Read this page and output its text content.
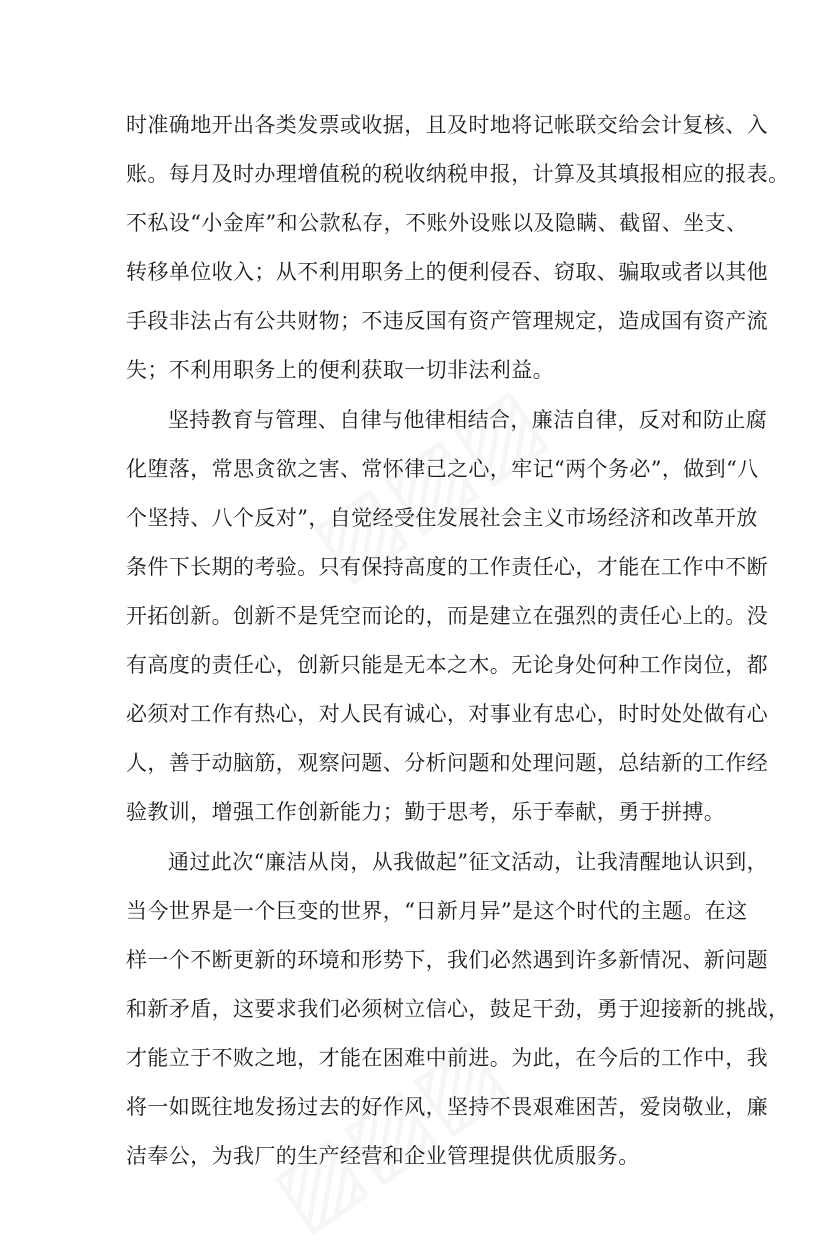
时准确地开出各类发票或收据，且及时地将记帐联交给会计复核、入
账。每月及时办理增值税的税收纳税申报，计算及其填报相应的报表。
不私设“小金库”和公款私存，不账外设账以及隐瞒、截留、坐支、
转移单位收入；从不利用职务上的便利侵吞、窃取、骗取或者以其他
手段非法占有公共财物；不违反国有资产管理规定，造成国有资产流
失；不利用职务上的便利获取一切非法利益。
坚持教育与管理、自律与他律相结合，廉洁自律，反对和防止腐
化堕落，常思贪欲之害、常怀律己之心，牢记“两个务必”，做到“八
个坚持、八个反对”，自觉经受住发展社会主义市场经济和改革开放
条件下长期的考验。只有保持高度的工作责任心，才能在工作中不断
开拓创新。创新不是凭空而论的，而是建立在强烈的责任心上的。没
有高度的责任心，创新只能是无本之木。无论身处何种工作岗位，都
必须对工作有热心，对人民有诚心，对事业有忠心，时时处处做有心
人，善于动脑筋，观察问题、分析问题和处理问题，总结新的工作经
验教训，增强工作创新能力；勤于思考，乐于奉献，勇于拼搏。
通过此次“廉洁从岗，从我做起”征文活动，让我清醒地认识到，
当今世界是一个巨变的世界，“日新月异”是这个时代的主题。在这
样一个不断更新的环境和形势下，我们必然遇到许多新情况、新问题
和新矛盾，这要求我们必须树立信心，鼓足干劲，勇于迎接新的挑战，
才能立于不败之地，才能在困难中前进。为此，在今后的工作中，我
将一如既往地发扬过去的好作风，坚持不畏艰难困苦，爱岗敬业，廉
洁奉公，为我厂的生产经营和企业管理提供优质服务。
